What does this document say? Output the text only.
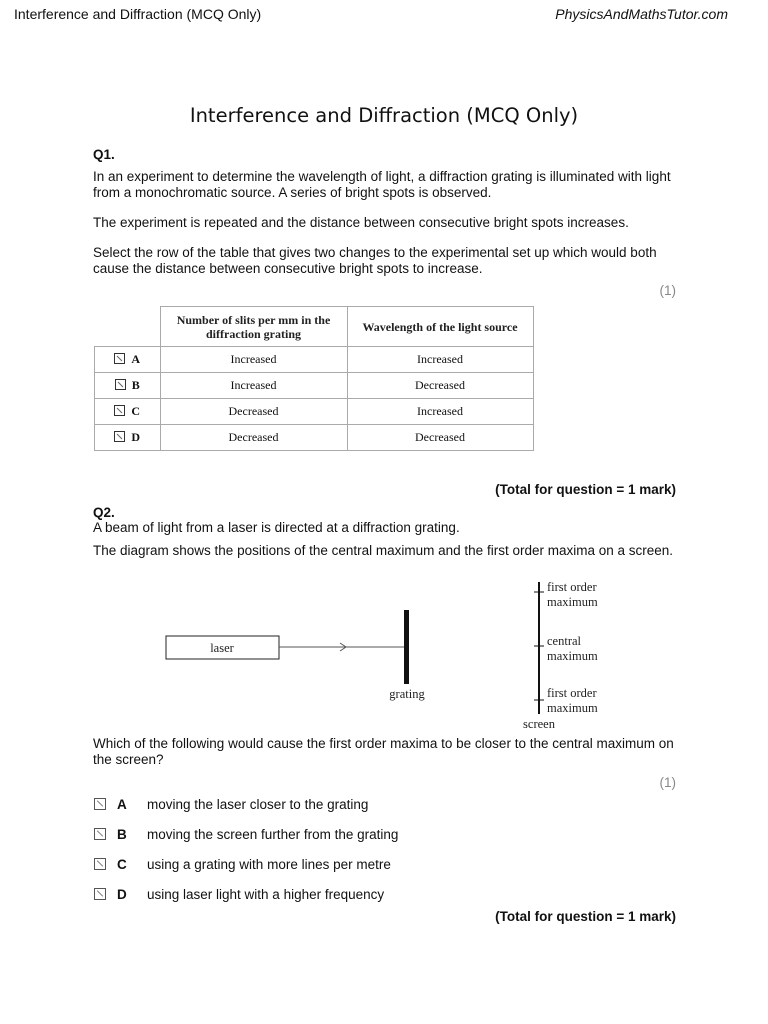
Interference and Diffraction (MCQ Only)	PhysicsAndMathsTutor.com
Interference and Diffraction (MCQ Only)

Q1.

In an experiment to determine the wavelength of light, a diffraction grating is illuminated with light from a monochromatic source. A series of bright spots is observed.

The experiment is repeated and the distance between consecutive bright spots increases.

Select the row of the table that gives two changes to the experimental set up which would both cause the distance between consecutive bright spots to increase.

(1)
	Number of slits per mm in the diffraction grating	Wavelength of the light source
A	Increased	Increased
B	Increased	Decreased
C	Decreased	Increased
D	Decreased	Decreased
(Total for question = 1 mark)

Q2.

A beam of light from a laser is directed at a diffraction grating.

The diagram shows the positions of the central maximum and the first order maxima on a screen.

laser
grating
screen
first order
maximum
central
maximum
first order
maximum

Which of the following would cause the first order maxima to be closer to the central maximum on the screen?

(1)
A moving the laser closer to the grating
B moving the screen further from the grating
C using a grating with more lines per metre
D using laser light with a higher frequency
(Total for question = 1 mark)
